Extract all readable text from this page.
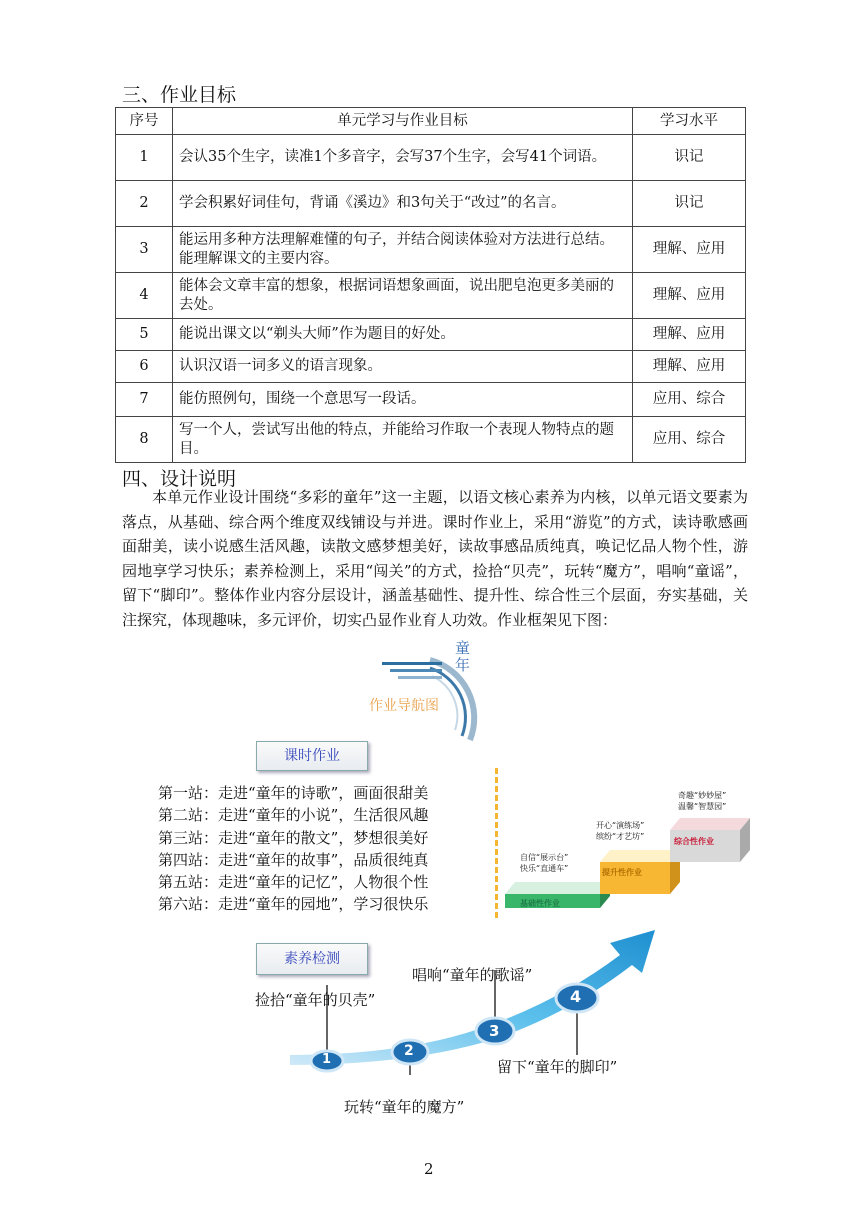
三、作业目标
序号	单元学习与作业目标	学习水平
1	会认35个生字，读准1个多音字，会写37个生字，会写41个词语。	识记
2	学会积累好词佳句，背诵《溪边》和3句关于“改过”的名言。	识记
3	能运用多种方法理解难懂的句子，并结合阅读体验对方法进行总结。能理解课文的主要内容。	理解、应用
4	能体会文章丰富的想象，根据词语想象画面，说出肥皂泡更多美丽的去处。	理解、应用
5	能说出课文以“剃头大师”作为题目的好处。	理解、应用
6	认识汉语一词多义的语言现象。	理解、应用
7	能仿照例句，围绕一个意思写一段话。	应用、综合
8	写一个人，尝试写出他的特点，并能给习作取一个表现人物特点的题目。	应用、综合
四、设计说明
本单元作业设计围绕“多彩的童年”这一主题，以语文核心素养为内核，以单元语文要素为落点，从基础、综合两个维度双线铺设与并进。课时作业上，采用“游览”的方式，读诗歌感画面甜美，读小说感生活风趣，读散文感梦想美好，读故事感品质纯真，唤记忆品人物个性，游园地享学习快乐；素养检测上，采用“闯关”的方式，捡拾“贝壳”，玩转“魔方”，唱响“童谣”，留下“脚印”。整体作业内容分层设计，涵盖基础性、提升性、综合性三个层面，夯实基础，关注探究，体现趣味，多元评价，切实凸显作业育人功效。作业框架见下图：
童年
作业导航图
课时作业
第一站：走进“童年的诗歌”，画面很甜美
第二站：走进“童年的小说”，生活很风趣
第三站：走进“童年的散文”，梦想很美好
第四站：走进“童年的故事”，品质很纯真
第五站：走进“童年的记忆”，人物很个性
第六站：走进“童年的园地”，学习很快乐	基础性作业
提升性作业
综合性作业
自信“展示台”
快乐“直通车”
开心“演练场”
缤纷“才艺坊”
奇趣“妙妙屋”
温馨“智慧园”
素养检测
1
2
3
4
捡拾“童年的贝壳”
玩转“童年的魔方”
留下“童年的脚印”
唱响“童年的歌谣”
2
